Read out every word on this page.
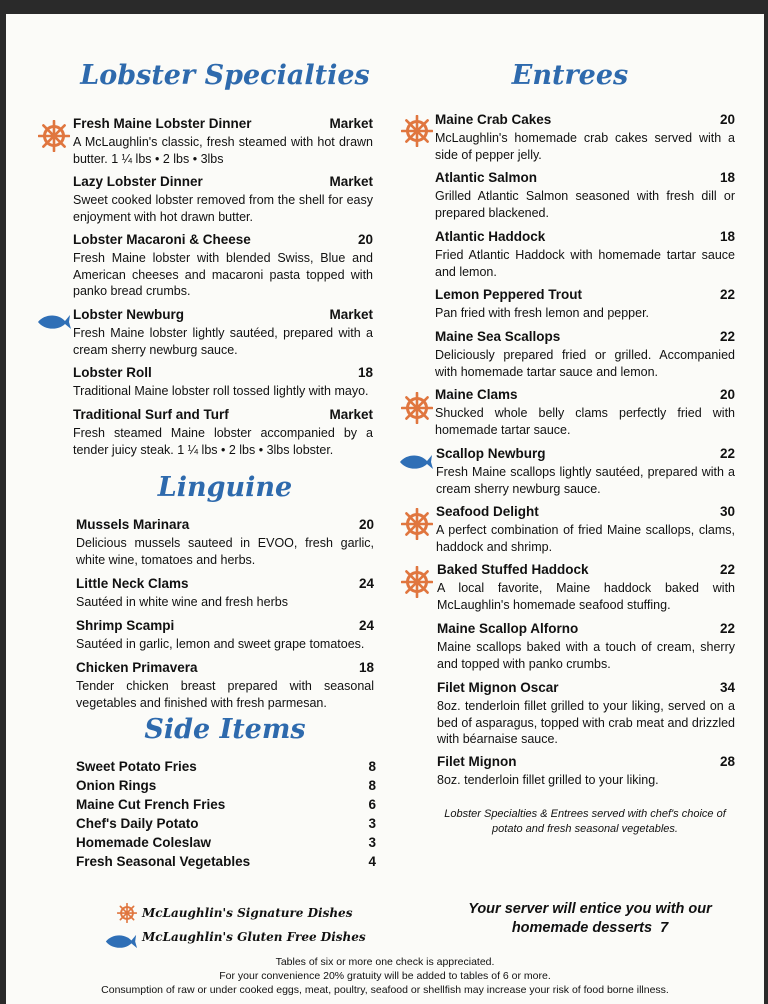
Lobster Specialties
Fresh Maine Lobster Dinner	Market
A McLaughlin's classic, fresh steamed with hot drawn butter. 1 ¼ lbs • 2 lbs • 3lbs
Lazy Lobster Dinner	Market
Sweet cooked lobster removed from the shell for easy enjoyment with hot drawn butter.
Lobster Macaroni & Cheese	20
Fresh Maine lobster with blended Swiss, Blue and American cheeses and macaroni pasta topped with panko bread crumbs.
Lobster Newburg	Market
Fresh Maine lobster lightly sautéed, prepared with a cream sherry newburg sauce.
Lobster Roll	18
Traditional Maine lobster roll tossed lightly with mayo.
Traditional Surf and Turf	Market
Fresh steamed Maine lobster accompanied by a tender juicy steak. 1 ¼ lbs • 2 lbs • 3lbs lobster.
Linguine
Mussels Marinara	20
Delicious mussels sauteed in EVOO, fresh garlic, white wine, tomatoes and herbs.
Little Neck Clams	24
Sautéed in white wine and fresh herbs
Shrimp Scampi	24
Sautéed in garlic, lemon and sweet grape tomatoes.
Chicken Primavera	18
Tender chicken breast prepared with seasonal vegetables and finished with fresh parmesan.
Side Items
Sweet Potato Fries	8
Onion Rings	8
Maine Cut French Fries	6
Chef's Daily Potato	3
Homemade Coleslaw	3
Fresh Seasonal Vegetables	4
Entrees
Maine Crab Cakes	20
McLaughlin's homemade crab cakes served with a side of pepper jelly.
Atlantic Salmon	18
Grilled Atlantic Salmon seasoned with fresh dill or prepared blackened.
Atlantic Haddock	18
Fried Atlantic Haddock with homemade tartar sauce and lemon.
Lemon Peppered Trout	22
Pan fried with fresh lemon and pepper.
Maine Sea Scallops	22
Deliciously prepared fried or grilled. Accompanied with homemade tartar sauce and lemon.
Maine Clams	20
Shucked whole belly clams perfectly fried with homemade tartar sauce.
Scallop Newburg	22
Fresh Maine scallops lightly sautéed, prepared with a cream sherry newburg sauce.
Seafood Delight	30
A perfect combination of fried Maine scallops, clams, haddock and shrimp.
Baked Stuffed Haddock	22
A local favorite, Maine haddock baked with McLaughlin's homemade seafood stuffing.
Maine Scallop Alforno	22
Maine scallops baked with a touch of cream, sherry and topped with panko crumbs.
Filet Mignon Oscar	34
8oz. tenderloin fillet grilled to your liking, served on a bed of asparagus, topped with crab meat and drizzled with béarnaise sauce.
Filet Mignon	28
8oz. tenderloin fillet grilled to your liking.
Lobster Specialties & Entrees served with chef's choice of potato and fresh seasonal vegetables.
McLaughlin's Signature Dishes
McLaughlin's Gluten Free Dishes
Your server will entice you with our
homemade desserts 7
Tables of six or more one check is appreciated.
For your convenience 20% gratuity will be added to tables of 6 or more.
Consumption of raw or under cooked eggs, meat, poultry, seafood or shellfish may increase your risk of food borne illness.
